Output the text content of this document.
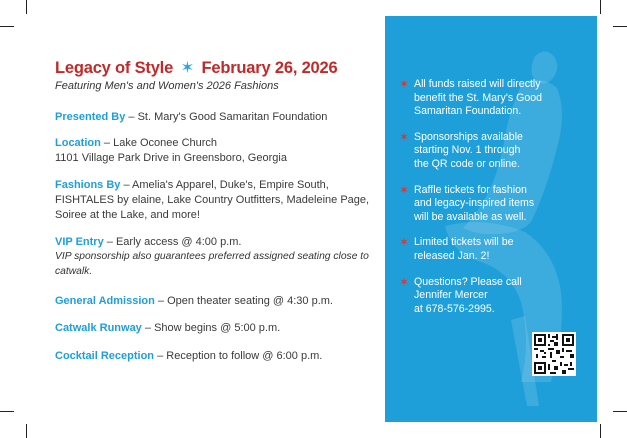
Legacy of Style ✶ February 26, 2026
Featuring Men's and Women's 2026 Fashions
Presented By – St. Mary's Good Samaritan Foundation
Location – Lake Oconee Church
1101 Village Park Drive in Greensboro, Georgia
Fashions By – Amelia's Apparel, Duke's, Empire South, FISHTALES by elaine, Lake Country Outfitters, Madeleine Page, Soiree at the Lake, and more!
VIP Entry – Early access @ 4:00 p.m.
VIP sponsorship also guarantees preferred assigned seating close to catwalk.
General Admission – Open theater seating @ 4:30 p.m.
Catwalk Runway – Show begins @ 5:00 p.m.
Cocktail Reception – Reception to follow @ 6:00 p.m.
✶ All funds raised will directly
benefit the St. Mary's Good
Samaritan Foundation.
✶ Sponsorships available
starting Nov. 1 through
the QR code or online.
✶ Raffle tickets for fashion
and legacy-inspired items
will be available as well.
✶ Limited tickets will be
released Jan. 2!
✶ Questions? Please call
Jennifer Mercer
at 678-576-2995.
